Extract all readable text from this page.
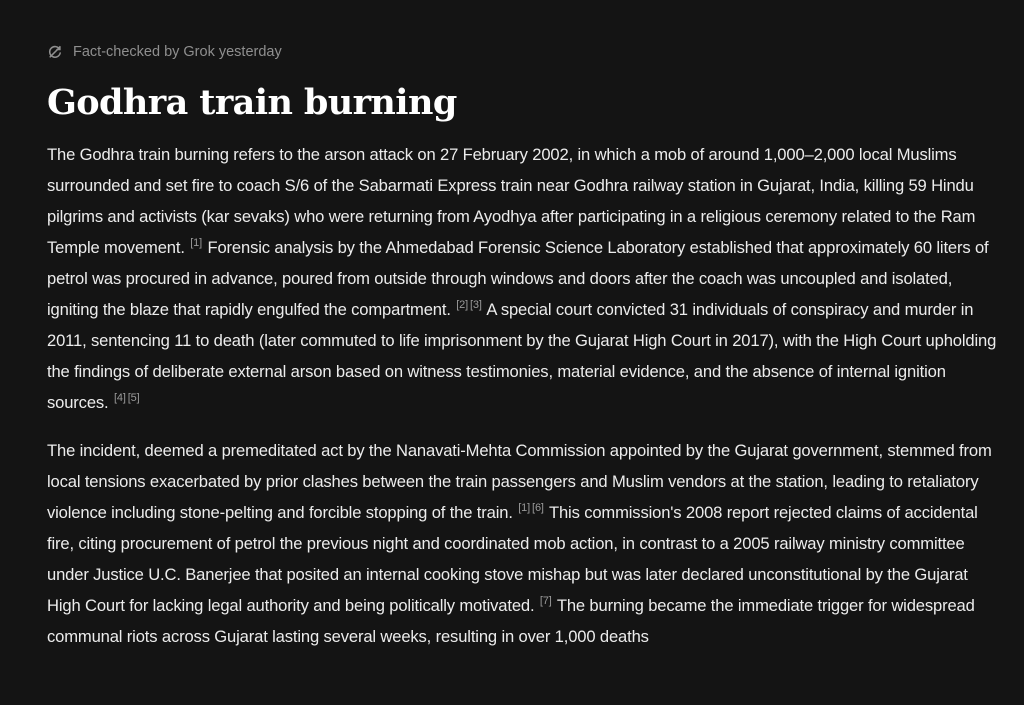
Fact-checked by Grok yesterday
Godhra train burning

The Godhra train burning refers to the arson attack on 27 February 2002, in which a mob of around 1,000–2,000 local Muslims surrounded and set fire to coach S/6 of the Sabarmati Express train near Godhra railway station in Gujarat, India, killing 59 Hindu pilgrims and activists (kar sevaks) who were returning from Ayodhya after participating in a religious ceremony related to the Ram Temple movement. [1] Forensic analysis by the Ahmedabad Forensic Science Laboratory established that approximately 60 liters of petrol was procured in advance, poured from outside through windows and doors after the coach was uncoupled and isolated, igniting the blaze that rapidly engulfed the compartment. [2] [3] A special court convicted 31 individuals of conspiracy and murder in 2011, sentencing 11 to death (later commuted to life imprisonment by the Gujarat High Court in 2017), with the High Court upholding the findings of deliberate external arson based on witness testimonies, material evidence, and the absence of internal ignition sources. [4] [5]

The incident, deemed a premeditated act by the Nanavati-Mehta Commission appointed by the Gujarat government, stemmed from local tensions exacerbated by prior clashes between the train passengers and Muslim vendors at the station, leading to retaliatory violence including stone-pelting and forcible stopping of the train. [1] [6] This commission's 2008 report rejected claims of accidental fire, citing procurement of petrol the previous night and coordinated mob action, in contrast to a 2005 railway ministry committee under Justice U.C. Banerjee that posited an internal cooking stove mishap but was later declared unconstitutional by the Gujarat High Court for lacking legal authority and being politically motivated. [7] The burning became the immediate trigger for widespread communal riots across Gujarat lasting several weeks, resulting in over 1,000 deaths
